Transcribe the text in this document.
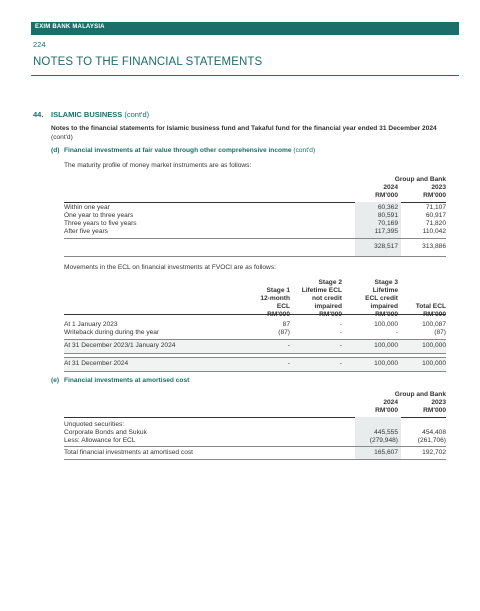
EXIM BANK MALAYSIA
224
NOTES TO THE FINANCIAL STATEMENTS
44. ISLAMIC BUSINESS (cont'd)
Notes to the financial statements for Islamic business fund and Takaful fund for the financial year ended 31 December 2024
(cont'd)
(d) Financial investments at fair value through other comprehensive income (cont'd)
The maturity profile of money market instruments are as follows:
Group and Bank
2024	2023
RM'000	RM'000
Within one year	60,362	71,107
One year to three years	80,591	60,917
Three years to five years	70,169	71,820
After five years	117,395	110,042
328,517	313,886
Movements in the ECL on financial investments at FVOCI are as follows:
Stage 1
12-month
ECL
RM'000
Stage 2
Lifetime ECL
not credit
impaired
RM'000
Stage 3
Lifetime
ECL credit
impaired
RM'000
Total ECL
RM'000
At 1 January 2023	87	-	100,000	100,087
Writeback during during the year	(87)	-	-	(87)
At 31 December 2023/1 January 2024	-	-	100,000	100,000
At 31 December 2024	-	-	100,000	100,000
(e) Financial investments at amortised cost
Group and Bank
2024	2023
RM'000	RM'000
Unquoted securities:
Corporate Bonds and Sukuk	445,555	454,408
Less: Allowance for ECL	(279,948)	(261,706)
Total financial investments at amortised cost	165,607	192,702
